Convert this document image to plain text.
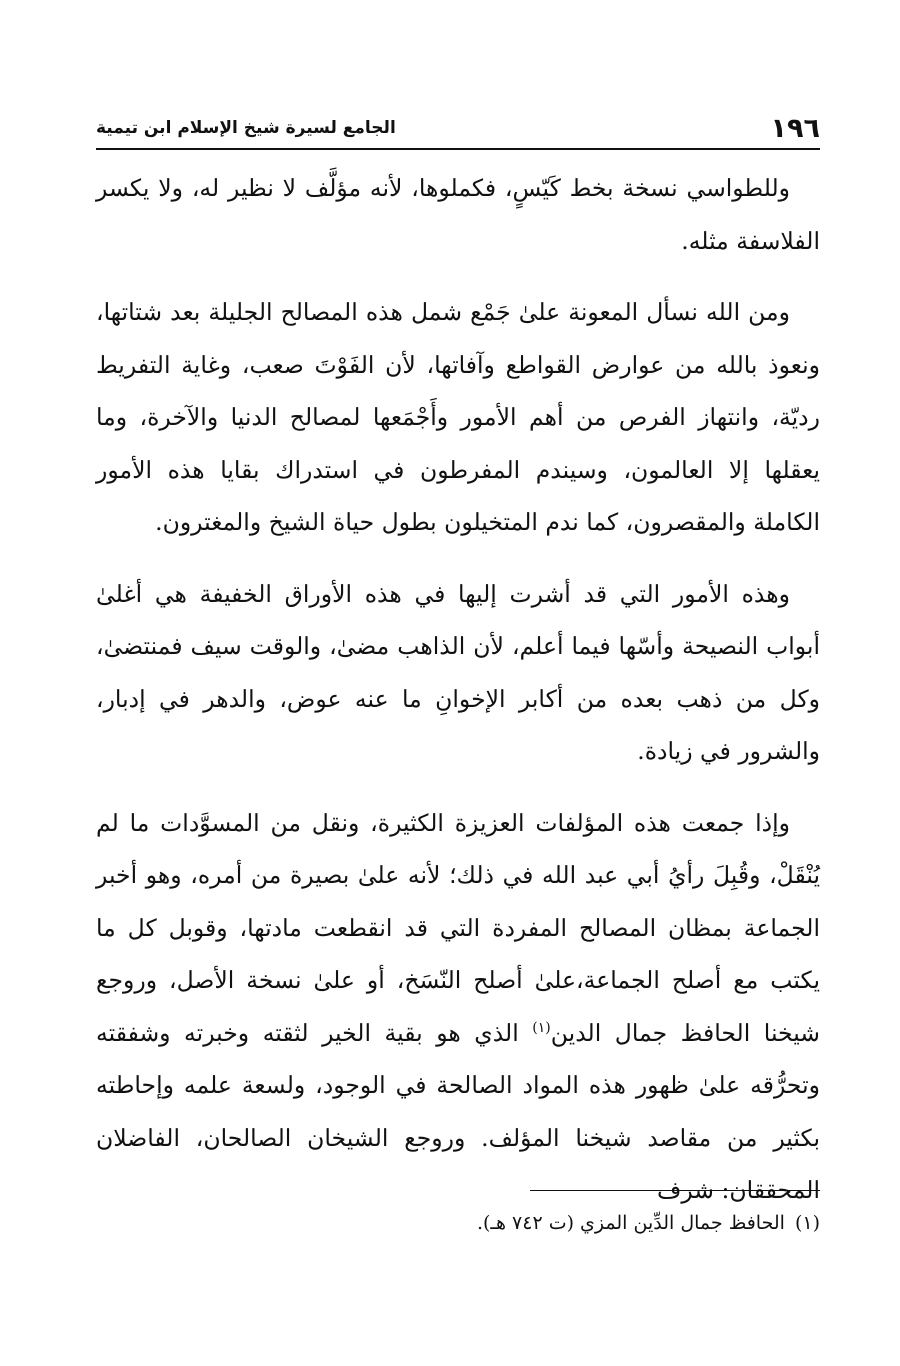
١٩٦
الجامع لسيرة شيخ الإسلام ابن تيمية

وللطواسي نسخة بخط كَيّسٍ، فكملوها، لأنه مؤلَّف لا نظير له، ولا يكسر الفلاسفة مثله.

ومن الله نسأل المعونة علىٰ جَمْع شمل هذه المصالح الجليلة بعد شتاتها، ونعوذ بالله من عوارض القواطع وآفاتها، لأن الفَوْتَ صعب، وغاية التفريط رديّة، وانتهاز الفرص من أهم الأمور وأَجْمَعها لمصالح الدنيا والآخرة، وما يعقلها إلا العالمون، وسيندم المفرطون في استدراك بقايا هذه الأمور الكاملة والمقصرون، كما ندم المتخيلون بطول حياة الشيخ والمغترون.

وهذه الأمور التي قد أشرت إليها في هذه الأوراق الخفيفة هي أغلىٰ أبواب النصيحة وأسّها فيما أعلم، لأن الذاهب مضىٰ، والوقت سيف فمنتضىٰ، وكل من ذهب بعده من أكابر الإخوانِ ما عنه عوض، والدهر في إدبار، والشرور في زيادة.

وإذا جمعت هذه المؤلفات العزيزة الكثيرة، ونقل من المسوَّدات ما لم يُنْقَلْ، وقُبِلَ رأيُ أبي عبد الله في ذلك؛ لأنه علىٰ بصيرة من أمره، وهو أخبر الجماعة بمظان المصالح المفردة التي قد انقطعت مادتها، وقوبل كل ما يكتب مع أصلح الجماعة،علىٰ أصلح النّسَخ، أو علىٰ نسخة الأصل، وروجع شيخنا الحافظ جمال الدين$^{(١)}$ الذي هو بقية الخير لثقته وخبرته وشفقته وتحرُّقه علىٰ ظهور هذه المواد الصالحة في الوجود، ولسعة علمه وإحاطته بكثير من مقاصد شيخنا المؤلف. وروجع الشيخان الصالحان، الفاضلان المحققان: شرف

(١)الحافظ جمال الدِّين المزي (ت ٧٤٢ هـ).
